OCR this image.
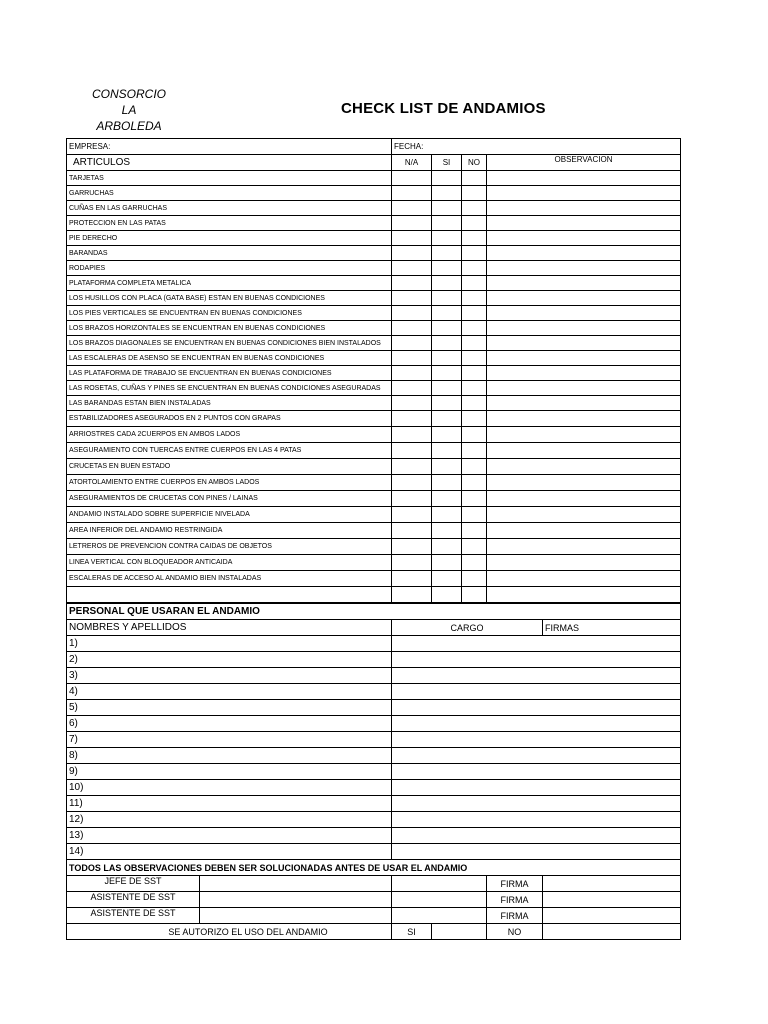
CONSORCIO
LA
ARBOLEDA
CHECK LIST DE ANDAMIOS
EMPRESA:	FECHA:				
ARTICULOS	N/A	SI	NO	OBSERVACION	
TARJETAS					
GARRUCHAS					
CUÑAS EN LAS GARRUCHAS					
PROTECCION EN LAS PATAS					
PIE DERECHO					
BARANDAS					
RODAPIES					
PLATAFORMA COMPLETA METALICA					
LOS HUSILLOS CON PLACA (GATA BASE) ESTAN EN BUENAS CONDICIONES					
LOS PIES VERTICALES SE ENCUENTRAN EN BUENAS CONDICIONES					
LOS BRAZOS HORIZONTALES SE ENCUENTRAN EN BUENAS CONDICIONES					
LOS BRAZOS DIAGONALES SE ENCUENTRAN EN BUENAS CONDICIONES BIEN INSTALADOS					
LAS ESCALERAS DE ASENSO SE ENCUENTRAN EN BUENAS CONDICIONES					
LAS PLATAFORMA DE TRABAJO SE ENCUENTRAN EN BUENAS CONDICIONES					
LAS ROSETAS, CUÑAS Y PINES SE ENCUENTRAN EN BUENAS CONDICIONES ASEGURADAS					
LAS BARANDAS ESTAN BIEN INSTALADAS					
ESTABILIZADORES ASEGURADOS EN 2 PUNTOS CON GRAPAS					
ARRIOSTRES CADA 2CUERPOS EN AMBOS LADOS					
ASEGURAMIENTO CON TUERCAS ENTRE CUERPOS EN LAS 4 PATAS					
CRUCETAS EN BUEN ESTADO					
ATORTOLAMIENTO ENTRE CUERPOS EN AMBOS LADOS					
ASEGURAMIENTOS DE CRUCETAS CON PINES / LAINAS					
ANDAMIO INSTALADO SOBRE SUPERFICIE NIVELADA					
AREA INFERIOR DEL ANDAMIO RESTRINGIDA					
LETREROS DE PREVENCION CONTRA CAIDAS DE OBJETOS					
LINEA VERTICAL CON BLOQUEADOR ANTICAIDA					
ESCALERAS DE ACCESO AL ANDAMIO BIEN INSTALADAS					

PERSONAL QUE USARAN EL ANDAMIO					
NOMBRES Y APELLIDOS	CARGO				FIRMAS
1)					
2)					
3)					
4)					
5)					
6)					
7)					
8)					
9)					
10)					
11)					
12)					
13)					
14)					
TODOS LAS OBSERVACIONES DEBEN SER SOLUCIONADAS ANTES DE USAR EL ANDAMIO					

JEFE DE SST				FIRMA	

ASISTENTE DE SST				FIRMA	

ASISTENTE DE SST				FIRMA	
SE AUTORIZO EL USO DEL ANDAMIO	SI			NO	
